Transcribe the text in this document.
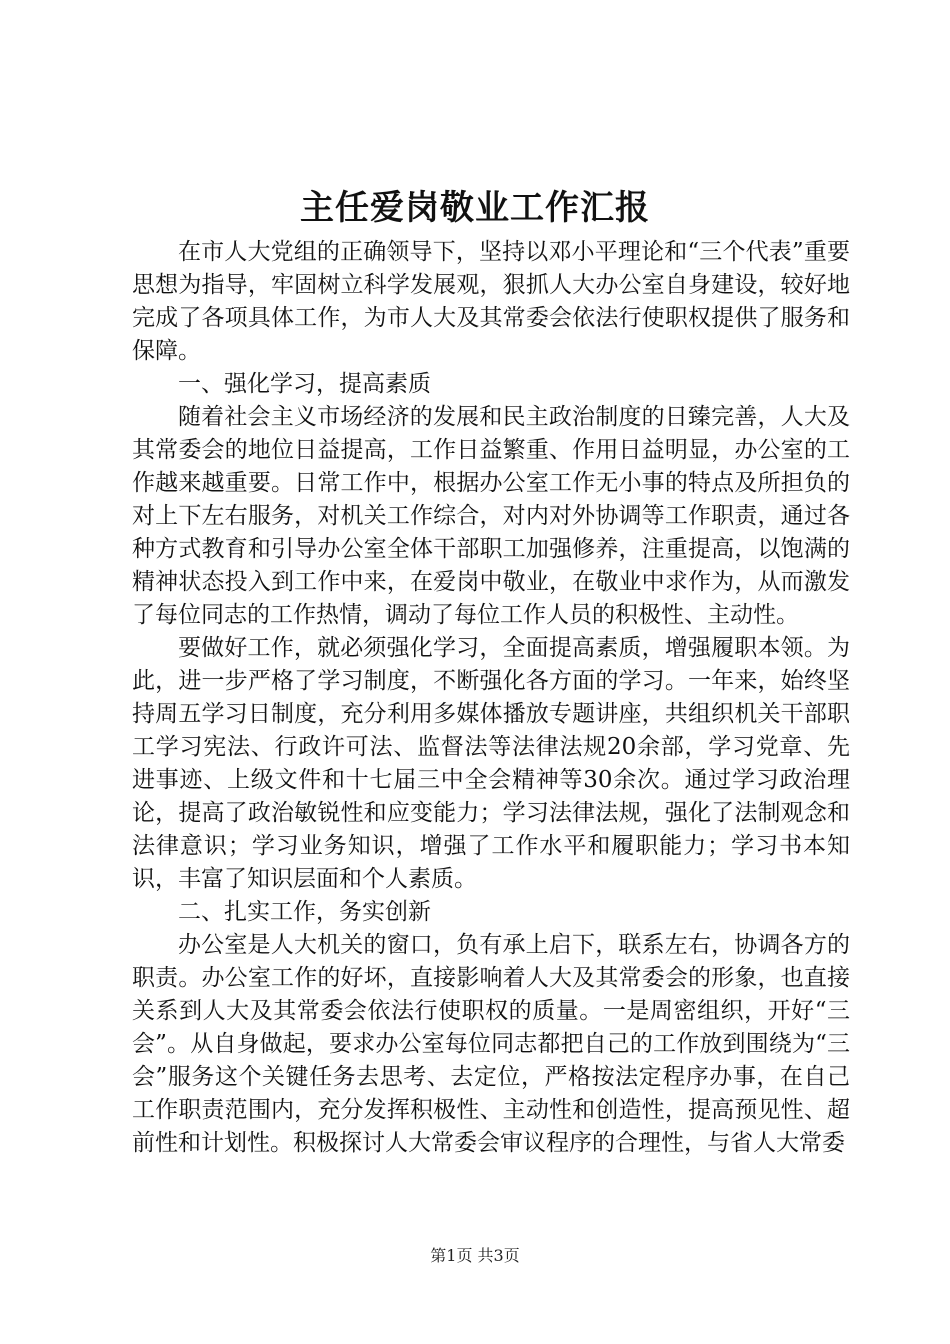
主任爱岗敬业工作汇报

在市人大党组的正确领导下，坚持以邓小平理论和“三个代表”重要思想为指导，牢固树立科学发展观，狠抓人大办公室自身建设，较好地完成了各项具体工作，为市人大及其常委会依法行使职权提供了服务和保障。

一、强化学习，提高素质

随着社会主义市场经济的发展和民主政治制度的日臻完善，人大及其常委会的地位日益提高，工作日益繁重、作用日益明显，办公室的工作越来越重要。日常工作中，根据办公室工作无小事的特点及所担负的对上下左右服务，对机关工作综合，对内对外协调等工作职责，通过各种方式教育和引导办公室全体干部职工加强修养，注重提高，以饱满的精神状态投入到工作中来，在爱岗中敬业，在敬业中求作为，从而激发了每位同志的工作热情，调动了每位工作人员的积极性、主动性。

要做好工作，就必须强化学习，全面提高素质，增强履职本领。为此，进一步严格了学习制度，不断强化各方面的学习。一年来，始终坚持周五学习日制度，充分利用多媒体播放专题讲座，共组织机关干部职工学习宪法、行政许可法、监督法等法律法规20余部，学习党章、先进事迹、上级文件和十七届三中全会精神等30余次。通过学习政治理论，提高了政治敏锐性和应变能力；学习法律法规，强化了法制观念和法律意识；学习业务知识，增强了工作水平和履职能力；学习书本知识，丰富了知识层面和个人素质。

二、扎实工作，务实创新

办公室是人大机关的窗口，负有承上启下，联系左右，协调各方的职责。办公室工作的好坏，直接影响着人大及其常委会的形象，也直接关系到人大及其常委会依法行使职权的质量。一是周密组织，开好“三会”。从自身做起，要求办公室每位同志都把自己的工作放到围绕为“三会”服务这个关键任务去思考、去定位，严格按法定程序办事，在自己工作职责范围内，充分发挥积极性、主动性和创造性，提高预见性、超前性和计划性。积极探讨人大常委会审议程序的合理性，与省人大常委

第1页 共3页
